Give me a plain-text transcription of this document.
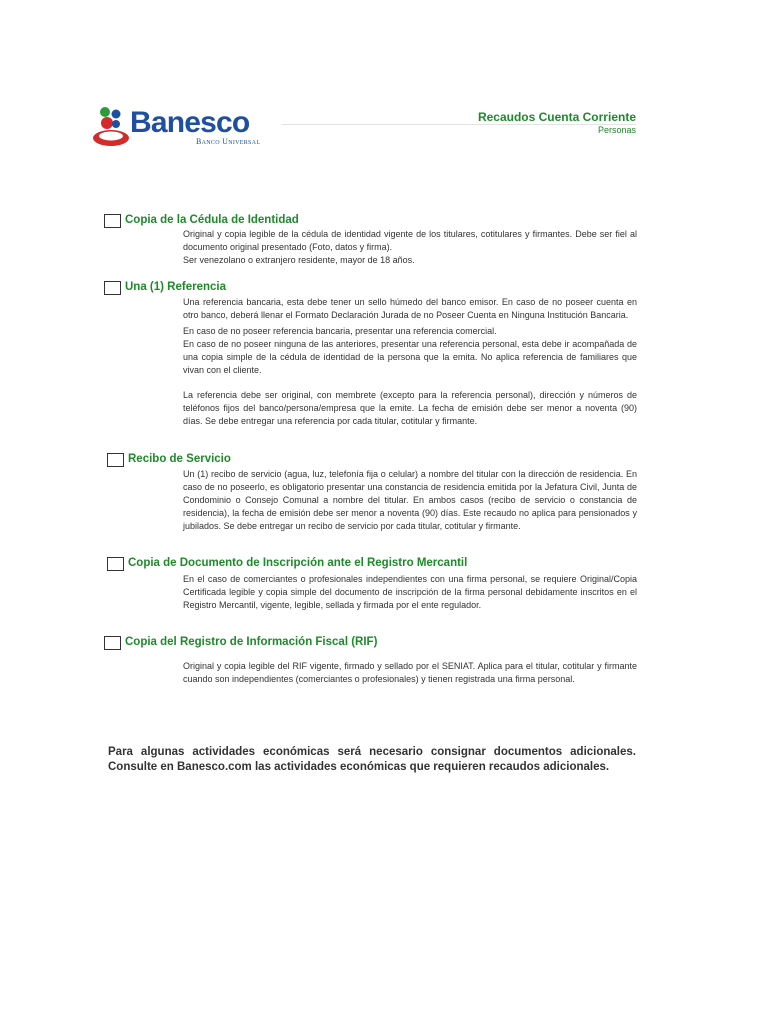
Banesco
Banco Universal
Recaudos Cuenta Corriente
Personas
Copia de la Cédula de Identidad

Original y copia legible de la cédula de identidad vigente de los titulares, cotitulares y firmantes. Debe ser fiel al documento original presentado (Foto, datos y firma).

Ser venezolano o extranjero residente, mayor de 18 años.

Una (1) Referencia

Una referencia bancaria, esta debe tener un sello húmedo del banco emisor. En caso de no poseer cuenta en otro banco, deberá llenar el Formato Declaración Jurada de no Poseer Cuenta en Ninguna Institución Bancaria.

En caso de no poseer referencia bancaria, presentar una referencia comercial.

En caso de no poseer ninguna de las anteriores, presentar una referencia personal, esta debe ir acompañada de una copia simple de la cédula de identidad de la persona que la emita. No aplica referencia de familiares que vivan con el cliente.

La referencia debe ser original, con membrete (excepto para la referencia personal), dirección y números de teléfonos fijos del banco/persona/empresa que la emite. La fecha de emisión debe ser menor a noventa (90) días. Se debe entregar una referencia por cada titular, cotitular y firmante.

Recibo de Servicio

Un (1) recibo de servicio (agua, luz, telefonía fija o celular) a nombre del titular con la dirección de residencia. En caso de no poseerlo, es obligatorio presentar una constancia de residencia emitida por la Jefatura Civil, Junta de Condominio o Consejo Comunal a nombre del titular. En ambos casos (recibo de servicio o constancia de residencia), la fecha de emisión debe ser menor a noventa (90) días. Este recaudo no aplica para pensionados y jubilados. Se debe entregar un recibo de servicio por cada titular, cotitular y firmante.

Copia de Documento de Inscripción ante el Registro Mercantil

En el caso de comerciantes o profesionales independientes con una firma personal, se requiere Original/Copia Certificada legible y copia simple del documento de inscripción de la firma personal debidamente inscritos en el Registro Mercantil, vigente, legible, sellada y firmada por el ente regulador.

Copia del Registro de Información Fiscal (RIF)

Original y copia legible del RIF vigente, firmado y sellado por el SENIAT. Aplica para el titular, cotitular y firmante cuando son independientes (comerciantes o profesionales) y tienen registrada una firma personal.

Para algunas actividades económicas será necesario consignar documentos adicionales. Consulte en Banesco.com las actividades económicas que requieren recaudos adicionales.
